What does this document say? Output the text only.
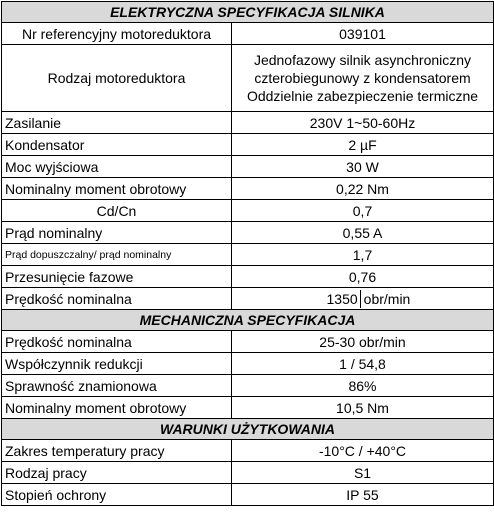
ELEKTRYCZNA SPECYFIKACJA SILNIKA	
Nr referencyjny motoreduktora	039101
Rodzaj motoreduktora	Jednofazowy silnik asynchroniczny
czterobiegunowy z kondensatorem
Oddzielnie zabezpieczenie termiczne

Zasilanie	230V 1~50-60Hz
Kondensator	2 µF
Moc wyjściowa	30 W
Nominalny moment obrotowy	0,22 Nm
Cd/Cn	0,7
Prąd nominalny	0,55 A
Prąd dopuszczalny/ prąd nominalny	1,7
Przesunięcie fazowe	0,76
Prędkość nominalna	1350 obr/min
MECHANICZNA SPECYFIKACJA	
Prędkość nominalna	25-30 obr/min
Współczynnik redukcji	1 / 54,8
Sprawność znamionowa	86%
Nominalny moment obrotowy	10,5 Nm
WARUNKI UŻYTKOWANIA	
Zakres temperatury pracy	-10°C / +40°C
Rodzaj pracy	S1
Stopień ochrony	IP 55
